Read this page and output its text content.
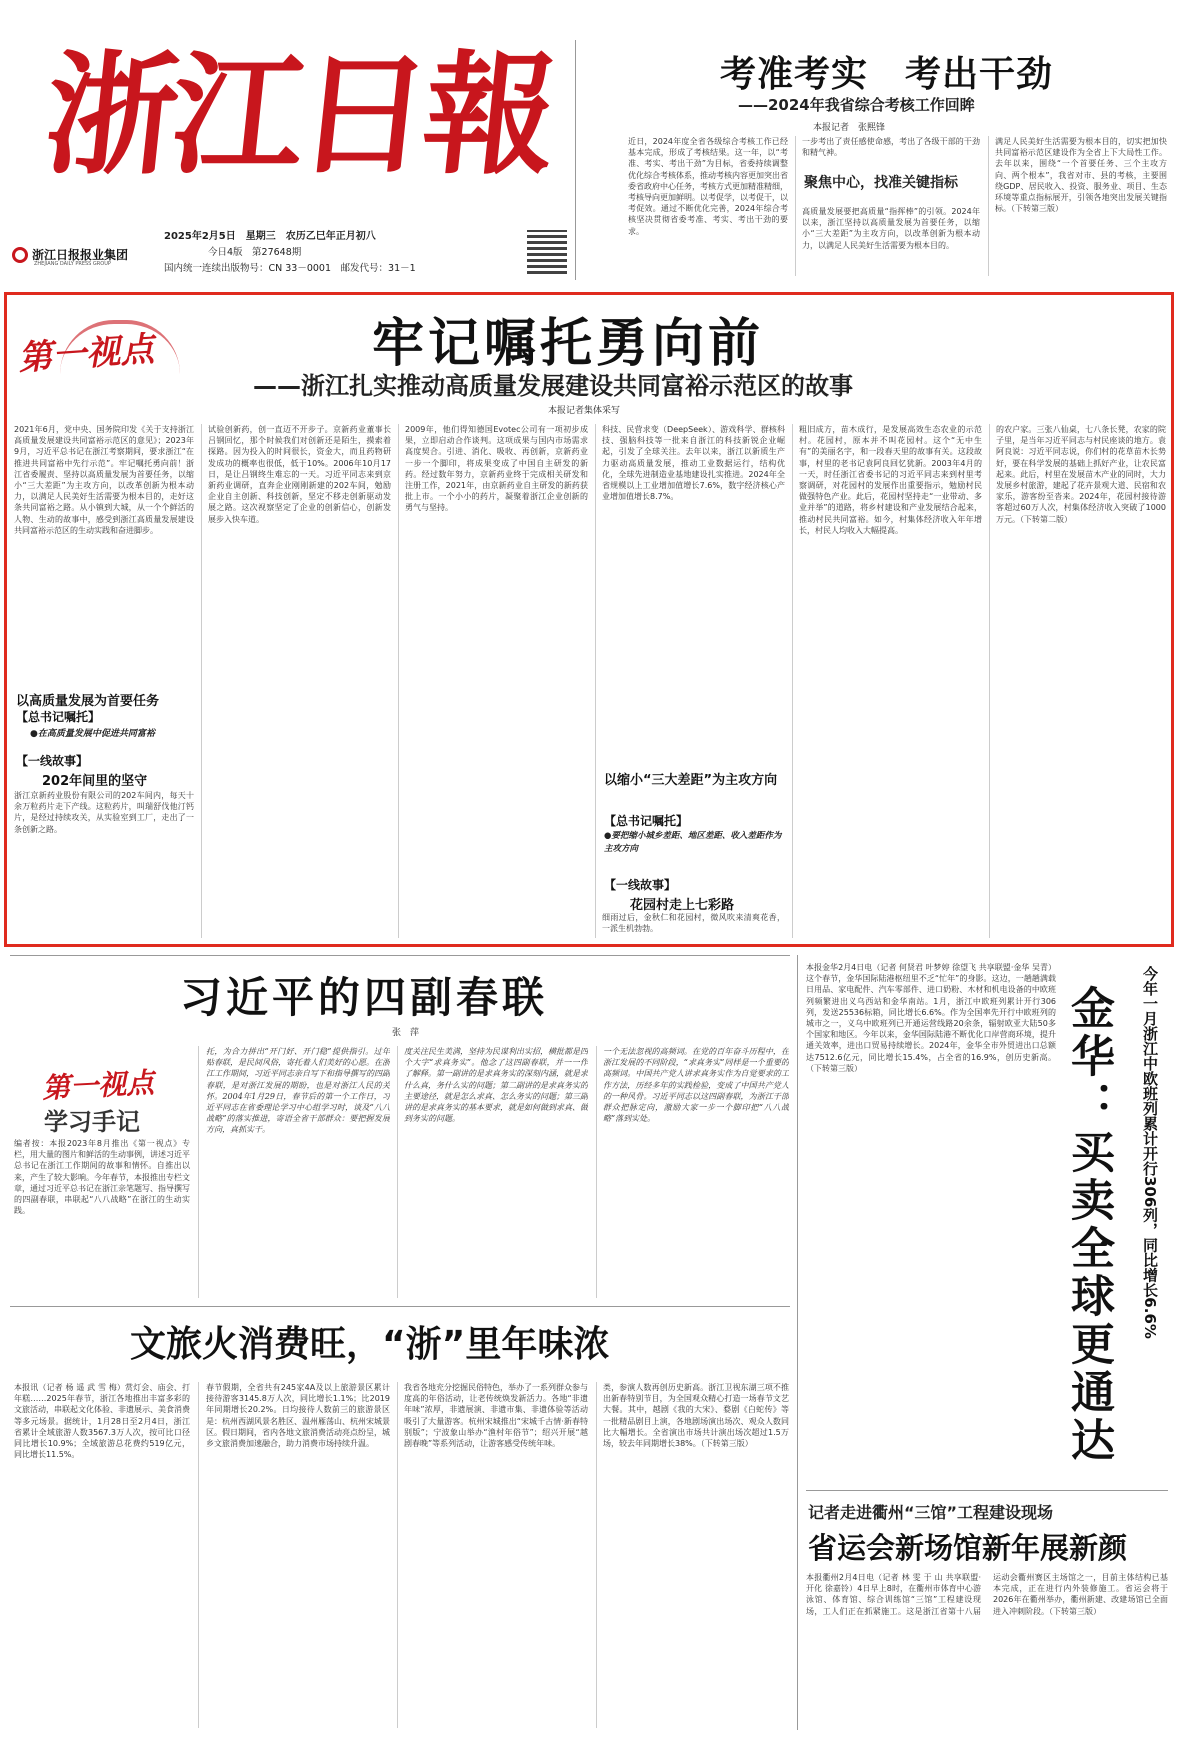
浙江日報
浙江日报报业集团
ZHEJIANG DAILY PRESS GROUP
2025年2月5日　星期三　农历乙巳年正月初八
今日4版　第27648期
国内统一连续出版物号：CN 33－0001　邮发代号：31－1
考准考实　考出干劲
——2024年我省综合考核工作回眸
本报记者　张熙锋
近日，2024年度全省各级综合考核工作已经基本完成，形成了考核结果。这一年，以“考准、考实、考出干劲”为目标，省委持续调整优化综合考核体系，推动考核内容更加突出省委省政府中心任务，考核方式更加精准精细，考核导向更加鲜明。以考促学，以考促干，以考促效。通过不断优化完善，2024年综合考核坚决贯彻省委考准、考实、考出干劲的要求。
一步考出了责任感使命感，考出了各级干部的干劲和精气神。
聚焦中心，找准关键指标
高质量发展要把高质量“指挥棒”的引领。2024年以来，浙江坚持以高质量发展为首要任务，以缩小“三大差距”为主攻方向，以改革创新为根本动力，以满足人民美好生活需要为根本目的。
满足人民美好生活需要为根本目的，切实把加快共同富裕示范区建设作为全省上下大局性工作。去年以来，围绕“一个首要任务、三个主攻方向、两个根本”，我省对市、县的考核，主要围绕GDP、居民收入、投资、服务业、项目、生态环境等重点指标展开，引领各地突出发展关键指标。（下转第三版）
第一视点	牢记嘱托勇向前
——浙江扎实推动高质量发展建设共同富裕示范区的故事
本报记者集体采写
2021年6月，党中央、国务院印发《关于支持浙江高质量发展建设共同富裕示范区的意见》；2023年9月，习近平总书记在浙江考察期间，要求浙江“在推进共同富裕中先行示范”。牢记嘱托勇向前！浙江省委履责、坚持以高质量发展为首要任务，以缩小“三大差距”为主攻方向，以改革创新为根本动力，以满足人民美好生活需要为根本目的，走好这条共同富裕之路。从小镇到大城，从一个个鲜活的人物、生动的故事中，感受到浙江高质量发展建设共同富裕示范区的生动实践和奋进脚步。
以高质量发展为首要任务
【总书记嘱托】
●在高质量发展中促进共同富裕
【一线故事】
202年间里的坚守
浙江京新药业股份有限公司的202车间内，每天十余万粒药片走下产线。这粒药片，叫瑞舒伐他汀钙片，是经过持续攻关，从实验室到工厂，走出了一条创新之路。
试验创新药，创一直迈不开步子。京新药业董事长吕钢回忆，那个时候我们对创新还是陌生，摸索着探路。因为投入的时间很长，资金大，而且药物研发成功的概率也很低，低于10%。2006年10月17日，是让吕钢终生难忘的一天。习近平同志来到京新药业调研，直奔企业刚刚新建的202车间，勉励企业自主创新、科技创新，坚定不移走创新驱动发展之路。这次视察坚定了企业的创新信心，创新发展步入快车道。
2009年，他们得知德国Evotec公司有一项初步成果，立即启动合作谈判。这项成果与国内市场需求高度契合。引进、消化、吸收、再创新，京新药业一步一个脚印，将成果变成了中国自主研发的新药。经过数年努力，京新药业终于完成相关研发和注册工作，2021年，由京新药业自主研发的新药获批上市。一个小小的药片，凝聚着浙江企业创新的勇气与坚持。
科技、民营求变（DeepSeek）、游戏科学、群核科技、强脑科技等一批来自浙江的科技新锐企业崛起，引发了全球关注。去年以来，浙江以新质生产力驱动高质量发展，推动工业数据运行，结构优化，全球先进制造业基地建设扎实推进。2024年全省规模以上工业增加值增长7.6%，数字经济核心产业增加值增长8.7%。
以缩小“三大差距”为主攻方向
【总书记嘱托】
●要把缩小城乡差距、地区差距、收入差距作为主攻方向
【一线故事】
花园村走上七彩路
细雨过后，金秋仁和花园村，微风吹来清爽花香，一派生机勃勃。
粗旧成方，苗木成行，是发展高效生态农业的示范村。花园村，原本并不叫花园村。这个“无中生有”的美丽名字，和一段春天里的故事有关。这段故事，村里的老书记袁阿良回忆犹新。2003年4月的一天，时任浙江省委书记的习近平同志来到村里考察调研，对花园村的发展作出重要指示，勉励村民做强特色产业。此后，花园村坚持走“一业带动、多业并举”的道路，将乡村建设和产业发展结合起来，推动村民共同富裕。如今，村集体经济收入年年增长，村民人均收入大幅提高。
的农户家。三张八仙桌，七八条长凳，农家的院子里，是当年习近平同志与村民座谈的地方。袁阿良说：习近平同志说，你们村的花草苗木长势好，要在科学发展的基础上抓好产业，让农民富起来。此后，村里在发展苗木产业的同时，大力发展乡村旅游，建起了花卉景观大道、民宿和农家乐，游客纷至沓来。2024年，花园村接待游客超过60万人次，村集体经济收入突破了1000万元。（下转第二版）
习近平的四副春联
张　萍
第一视点
学习手记
编者按：本报2023年8月推出《第一视点》专栏，用大量的图片和鲜活的生动事例，讲述习近平总书记在浙江工作期间的故事和情怀。自推出以来，产生了较大影响。今年春节，本报推出专栏文章，通过习近平总书记在浙江亲笔题写、指导撰写的四副春联，串联起“八八战略”在浙江的生动实践。
托，为合力拼出“开门好、开门稳”提供指引。过年贴春联，是民间风俗，寄托着人们美好的心愿。在浙江工作期间，习近平同志亲自写下和指导撰写的四副春联，是对浙江发展的期盼，也是对浙江人民的关怀。2004年1月29日，春节后的第一个工作日，习近平同志在省委理论学习中心组学习时，谈及“八八战略”的落实推进，寄语全省干部群众：要把握发展方向，真抓实干。
度关注民生美满，坚持为民谋利出实招，横批都是四个大字“求真务实”。他念了这四副春联，并一一作了解释。第一副讲的是求真务实的深刻内涵，就是求什么真，务什么实的问题；第二副讲的是求真务实的主要途径，就是怎么求真、怎么务实的问题；第三副讲的是求真务实的基本要求，就是如何做到求真、做到务实的问题。
一个无法忽视的高频词。在党的百年奋斗历程中，在浙江发展的不同阶段，“求真务实”同样是一个重要的高频词。中国共产党人讲求真务实作为自觉要求的工作方法，历经多年的实践检验，变成了中国共产党人的一种风骨。习近平同志以这四副春联，为浙江干部群众把脉定向，激励大家一步一个脚印把“八八战略”落到实处。
文旅火消费旺，“浙”里年味浓
本报讯（记者 杨 遥 武 雪 梅）赏灯会、庙会、打年糕……2025年春节，浙江各地推出丰富多彩的文旅活动，串联起文化体验、非遗展示、美食消费等多元场景。据统计，1月28日至2月4日，浙江省累计全域旅游人数3567.3万人次，按可比口径同比增长10.9%；全域旅游总花费约519亿元，同比增长11.5%。
春节假期，全省共有245家4A及以上旅游景区累计接待游客3145.8万人次，同比增长1.1%；比2019年同期增长20.2%。日均接待人数前三的旅游景区是：杭州西湖风景名胜区、温州雁荡山、杭州宋城景区。假日期间，省内各地文旅消费活动亮点纷呈，城乡文旅消费加速融合，助力消费市场持续升温。
我省各地充分挖掘民俗特色，举办了一系列群众参与度高的年俗活动，让老传统焕发新活力。各地“非遗年味”浓厚，非遗展演、非遗市集、非遗体验等活动吸引了大量游客。杭州宋城推出“宋城千古情·新春特别版”；宁波象山举办“渔村年俗节”；绍兴开展“越剧春晚”等系列活动，让游客感受传统年味。
类，参演人数再创历史新高。浙江卫视东湖三项不推出新春特别节目，为全国观众精心打造一场春节文艺大餐。其中，越剧《我的大宋》、婺剧《白蛇传》等一批精品剧目上演，各地剧场演出场次、观众人数同比大幅增长。全省演出市场共计演出场次超过1.5万场，较去年同期增长38%。（下转第三版）
本报金华2月4日电（记者 何贤君 叶梦婷 徐望飞 共享联盟·金华 吴青）这个春节，金华国际陆港枢纽里不乏“忙年”的身影。这边，一趟趟满载日用品、家电配件、汽车零部件、进口奶粉、木材和机电设备的中欧班列频繁进出义乌西站和金华南站。1月，浙江中欧班列累计开行306列，发送25536标箱，同比增长6.6%。作为全国率先开行中欧班列的城市之一，义乌中欧班列已开通运营线路20余条，辐射欧亚大陆50多个国家和地区。今年以来，金华国际陆港不断优化口岸营商环境，提升通关效率，进出口贸易持续增长。2024年，金华全市外贸进出口总额达7512.6亿元，同比增长15.4%，占全省的16.9%，创历史新高。（下转第三版）	今年一月浙江中欧班列累计开行306列，同比增长6.6%
金华：买卖全球更通达
记者走进衢州“三馆”工程建设现场
省运会新场馆新年展新颜
本报衢州2月4日电（记者 林 雯 于 山 共享联盟·开化 徐嘉铃）4日早上8时，在衢州市体育中心游泳馆、体育馆、综合训练馆“三馆”工程建设现场，工人们正在抓紧施工。这是浙江省第十八届运动会衢州赛区主场馆之一，目前主体结构已基本完成，正在进行内外装修施工。省运会将于2026年在衢州举办，衢州新建、改建场馆已全面进入冲刺阶段。（下转第三版）
